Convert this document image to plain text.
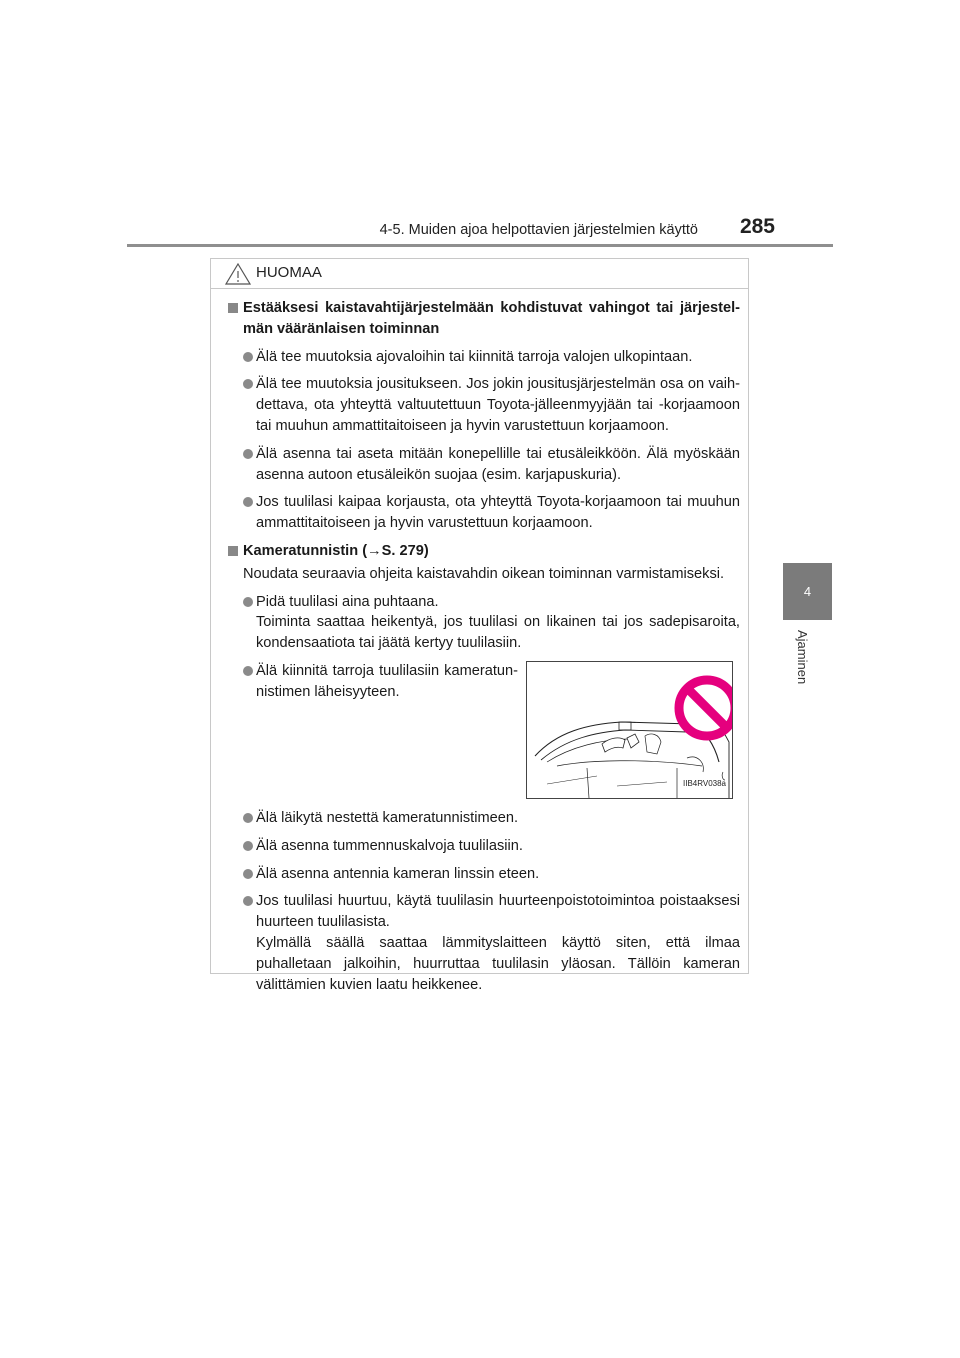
4-5. Muiden ajoa helpottavien järjestelmien käyttö	285
4
Ajaminen
HUOMAA
Estääksesi kaistavahtijärjestelmään kohdistuvat vahingot tai järjestel-män vääränlaisen toiminnan
Älä tee muutoksia ajovaloihin tai kiinnitä tarroja valojen ulkopintaan.
Älä tee muutoksia jousitukseen. Jos jokin jousitusjärjestelmän osa on vaih-dettava, ota yhteyttä valtuutettuun Toyota-jälleenmyyjään tai -korjaamoon tai muuhun ammattitaitoiseen ja hyvin varustettuun korjaamoon.
Älä asenna tai aseta mitään konepellille tai etusäleikköön. Älä myöskään asenna autoon etusäleikön suojaa (esim. karjapuskuria).
Jos tuulilasi kaipaa korjausta, ota yhteyttä Toyota-korjaamoon tai muuhun ammattitaitoiseen ja hyvin varustettuun korjaamoon.
Kameratunnistin (→S. 279)
Noudata seuraavia ohjeita kaistavahdin oikean toiminnan varmistamiseksi.
Pidä tuulilasi aina puhtaana.
Toiminta saattaa heikentyä, jos tuulilasi on likainen tai jos sadepisaroita, kondensaatiota tai jäätä kertyy tuulilasiin.
Älä kiinnitä tarroja tuulilasiin kameratun-nistimen läheisyyteen.
IIB4RV038a
Älä läikytä nestettä kameratunnistimeen.
Älä asenna tummennuskalvoja tuulilasiin.
Älä asenna antennia kameran linssin eteen.
Jos tuulilasi huurtuu, käytä tuulilasin huurteenpoistotoimintoa poistaaksesi huurteen tuulilasista.
Kylmällä säällä saattaa lämmityslaitteen käyttö siten, että ilmaa puhalletaan jalkoihin, huurruttaa tuulilasin yläosan. Tällöin kameran välittämien kuvien laatu heikkenee.
